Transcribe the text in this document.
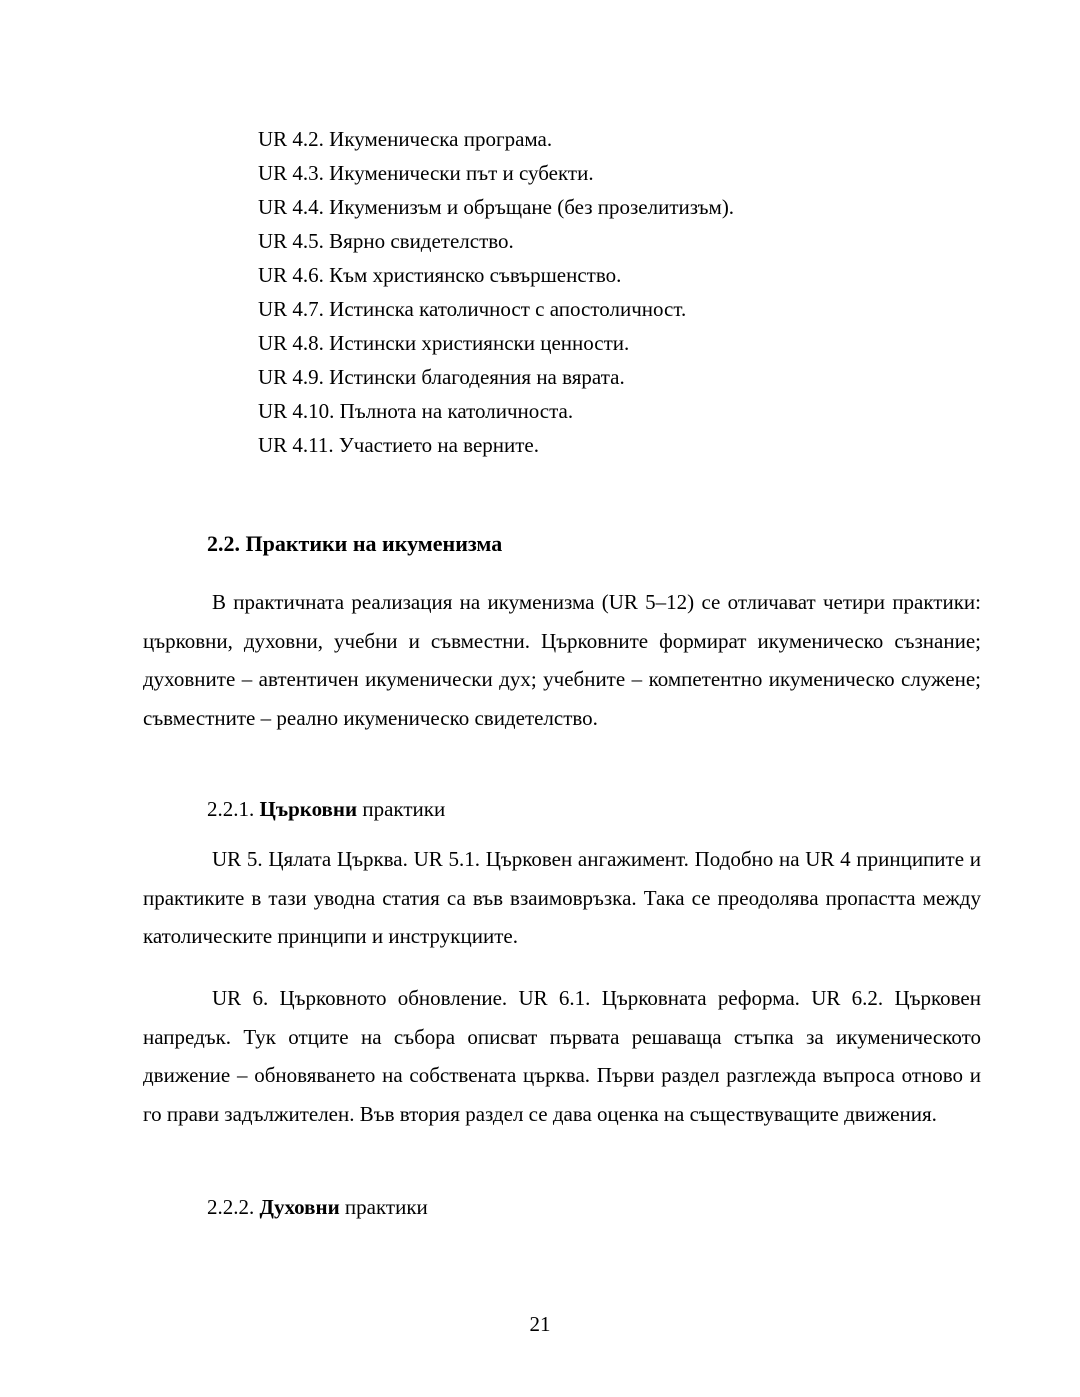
UR 4.2. Икуменическа програма.
UR 4.3. Икуменически път и субекти.
UR 4.4. Икуменизъм и обръщане (без прозелитизъм).
UR 4.5. Вярно свидетелство.
UR 4.6. Към християнско съвършенство.
UR 4.7. Истинска католичност с апостоличност.
UR 4.8. Истински християнски ценности.
UR 4.9. Истински благодеяния на вярата.
UR 4.10. Пълнота на католичноста.
UR 4.11. Участието на верните.
2.2. Практики на икуменизма

В практичната реализация на икуменизма (UR 5–12) се отличават четири практики: църковни, духовни, учебни и съвместни. Църковните формират икуменическо съзнание; духовните – автентичен икуменически дух; учебните – компетентно икуменическо служене; съвместните – реално икуменическо свидетелство.

2.2.1. Църковни практики

UR 5. Цялата Църква. UR 5.1. Църковен ангажимент. Подобно на UR 4 принципите и практиките в тази уводна статия са във взаимовръзка. Така се преодолява пропастта между католическите принципи и инструкциите.

UR 6. Църковното обновление. UR 6.1. Църковната реформа. UR 6.2. Църковен напредък. Тук отците на събора описват първата решаваща стъпка за икуменическото движение – обновяването на собствената църква. Първи раздел разглежда въпроса отново и го прави задължителен. Във втория раздел се дава оценка на съществуващите движения.

2.2.2. Духовни практики
21
